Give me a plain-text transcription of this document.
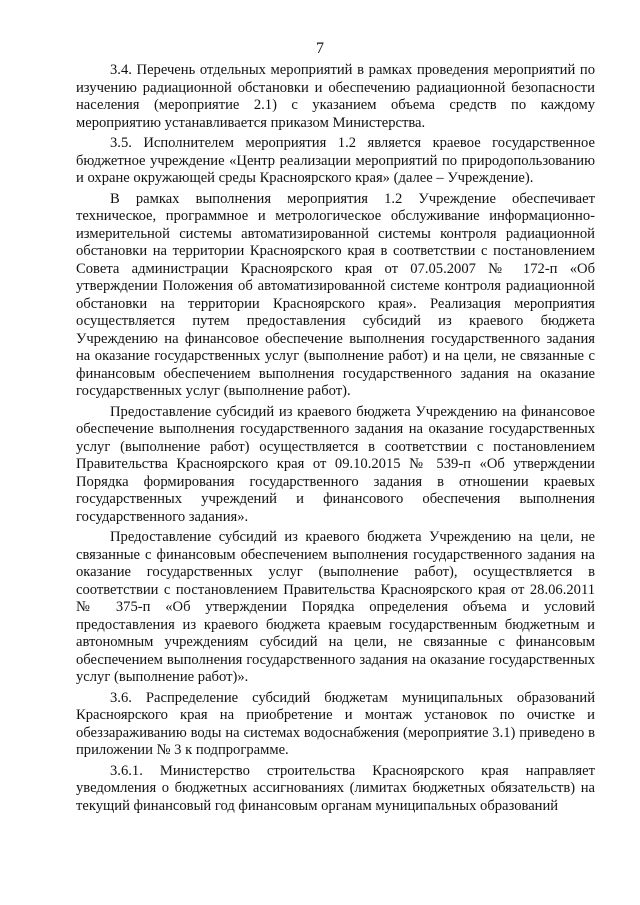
7

3.4. Перечень отдельных мероприятий в рамках проведения мероприятий по изучению радиационной обстановки и обеспечению радиационной безопасности населения (мероприятие 2.1) с указанием объема средств по каждому мероприятию устанавливается приказом Министерства.

3.5. Исполнителем мероприятия 1.2 является краевое государственное бюджетное учреждение «Центр реализации мероприятий по природопользованию и охране окружающей среды Красноярского края» (далее – Учреждение).

В рамках выполнения мероприятия 1.2 Учреждение обеспечивает техническое, программное и метрологическое обслуживание информационно-измерительной системы автоматизированной системы контроля радиационной обстановки на территории Красноярского края в соответствии с постановлением Совета администрации Красноярского края от 07.05.2007 № 172-п «Об утверждении Положения об автоматизированной системе контроля радиационной обстановки на территории Красноярского края». Реализация мероприятия осуществляется путем предоставления субсидий из краевого бюджета Учреждению на финансовое обеспечение выполнения государственного задания на оказание государственных услуг (выполнение работ) и на цели, не связанные с финансовым обеспечением выполнения государственного задания на оказание государственных услуг (выполнение работ).

Предоставление субсидий из краевого бюджета Учреждению на финансовое обеспечение выполнения государственного задания на оказание государственных услуг (выполнение работ) осуществляется в соответствии с постановлением Правительства Красноярского края от 09.10.2015 № 539-п «Об утверждении Порядка формирования государственного задания в отношении краевых государственных учреждений и финансового обеспечения выполнения государственного задания».

Предоставление субсидий из краевого бюджета Учреждению на цели, не связанные с финансовым обеспечением выполнения государственного задания на оказание государственных услуг (выполнение работ), осуществляется в соответствии с постановлением Правительства Красноярского края от 28.06.2011 № 375-п «Об утверждении Порядка определения объема и условий предоставления из краевого бюджета краевым государственным бюджетным и автономным учреждениям субсидий на цели, не связанные с финансовым обеспечением выполнения государственного задания на оказание государственных услуг (выполнение работ)».

3.6. Распределение субсидий бюджетам муниципальных образований Красноярского края на приобретение и монтаж установок по очистке и обеззараживанию воды на системах водоснабжения (мероприятие 3.1) приведено в приложении № 3 к подпрограмме.

3.6.1. Министерство строительства Красноярского края направляет уведомления о бюджетных ассигнованиях (лимитах бюджетных обязательств) на текущий финансовый год финансовым органам муниципальных образований
